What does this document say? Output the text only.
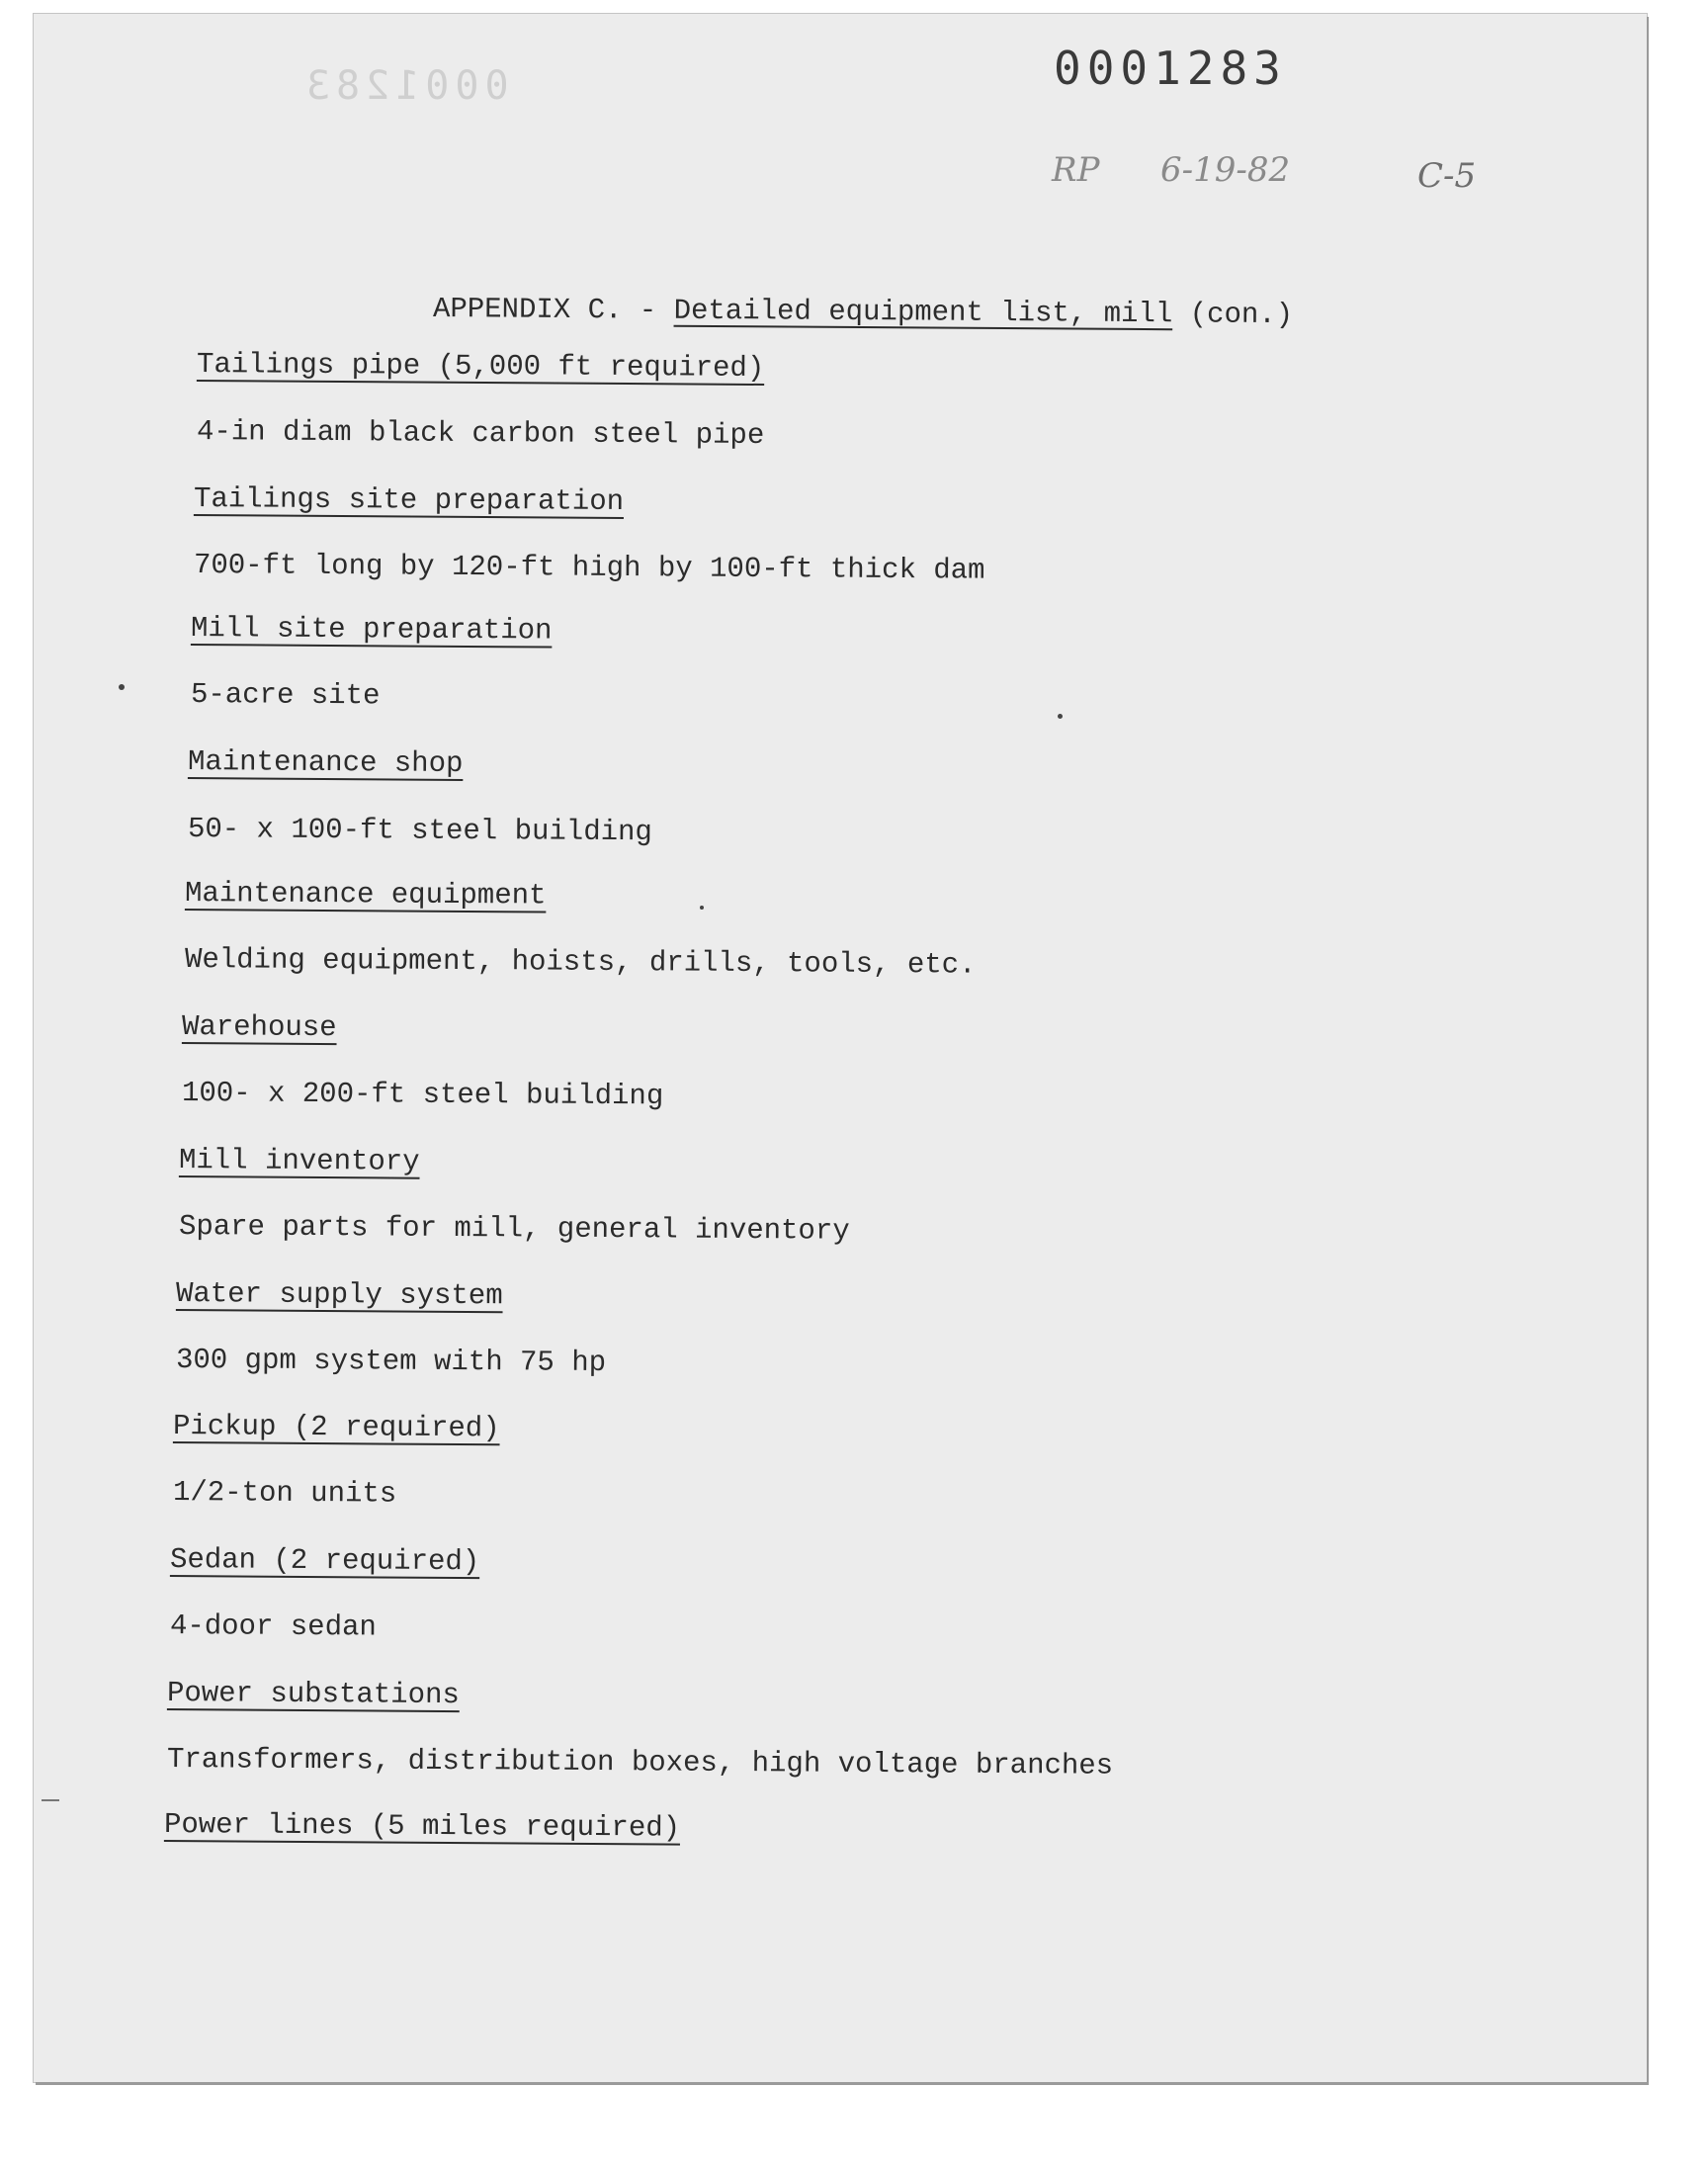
0001283	0001283
RP 6-19-82	C-5
APPENDIX C. - Detailed equipment list, mill (con.)
Tailings pipe (5,000 ft required)
4-in diam black carbon steel pipe
Tailings site preparation
700-ft long by 120-ft high by 100-ft thick dam
Mill site preparation
5-acre site
Maintenance shop
50- x 100-ft steel building
Maintenance equipment
Welding equipment, hoists, drills, tools, etc.
Warehouse
100- x 200-ft steel building
Mill inventory
Spare parts for mill, general inventory
Water supply system
300 gpm system with 75 hp
Pickup (2 required)
1/2-ton units
Sedan (2 required)
4-door sedan
Power substations
Transformers, distribution boxes, high voltage branches
Power lines (5 miles required)
